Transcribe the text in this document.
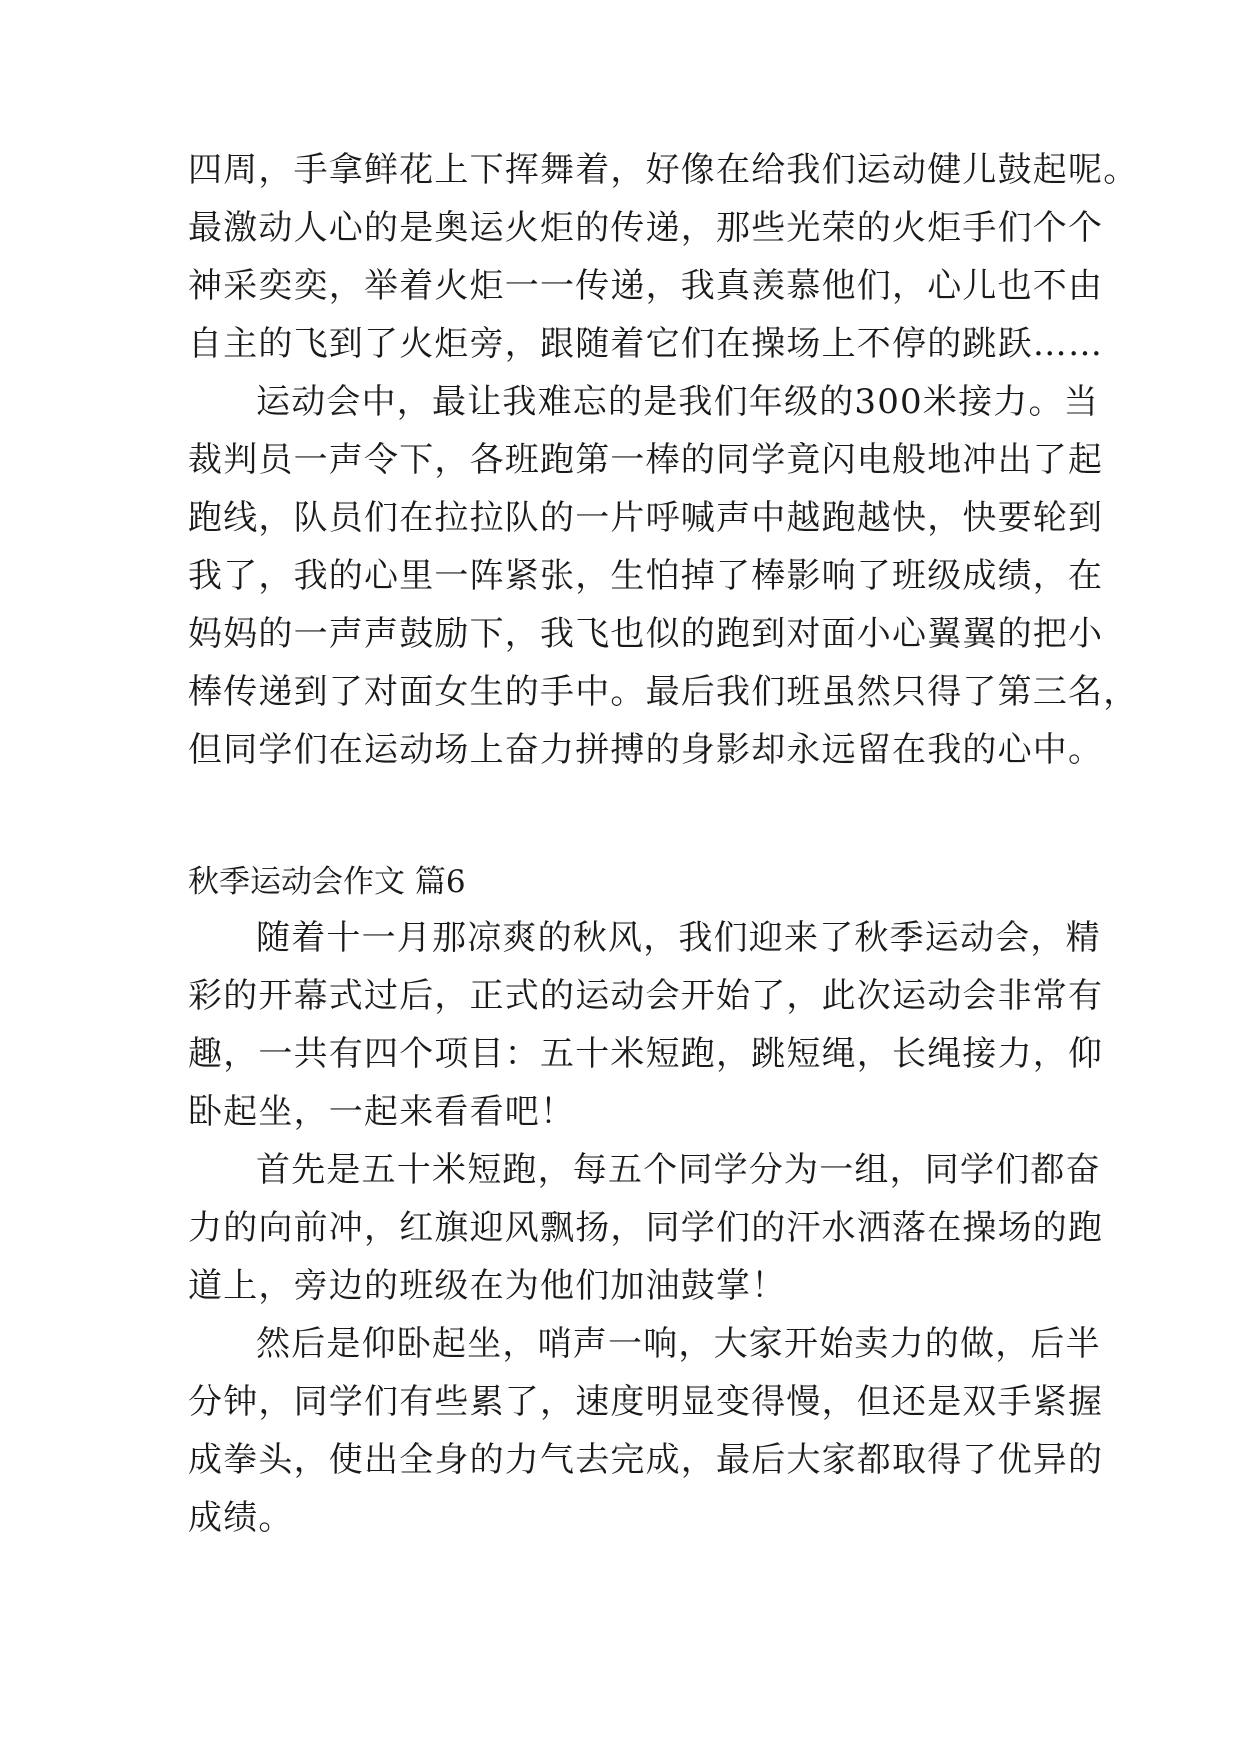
四周，手拿鲜花上下挥舞着，好像在给我们运动健儿鼓起呢。
最激动人心的是奥运火炬的传递，那些光荣的火炬手们个个
神采奕奕，举着火炬一一传递，我真羡慕他们，心儿也不由
自主的飞到了火炬旁，跟随着它们在操场上不停的跳跃……
运动会中，最让我难忘的是我们年级的300米接力。当
裁判员一声令下，各班跑第一棒的同学竟闪电般地冲出了起
跑线，队员们在拉拉队的一片呼喊声中越跑越快，快要轮到
我了，我的心里一阵紧张，生怕掉了棒影响了班级成绩，在
妈妈的一声声鼓励下，我飞也似的跑到对面小心翼翼的把小
棒传递到了对面女生的手中。最后我们班虽然只得了第三名，
但同学们在运动场上奋力拼搏的身影却永远留在我的心中。
秋季运动会作文 篇6
随着十一月那凉爽的秋风，我们迎来了秋季运动会，精
彩的开幕式过后，正式的运动会开始了，此次运动会非常有
趣，一共有四个项目：五十米短跑，跳短绳，长绳接力，仰
卧起坐，一起来看看吧！
首先是五十米短跑，每五个同学分为一组，同学们都奋
力的向前冲，红旗迎风飘扬，同学们的汗水洒落在操场的跑
道上，旁边的班级在为他们加油鼓掌！
然后是仰卧起坐，哨声一响，大家开始卖力的做，后半
分钟，同学们有些累了，速度明显变得慢，但还是双手紧握
成拳头，使出全身的力气去完成，最后大家都取得了优异的
成绩。
